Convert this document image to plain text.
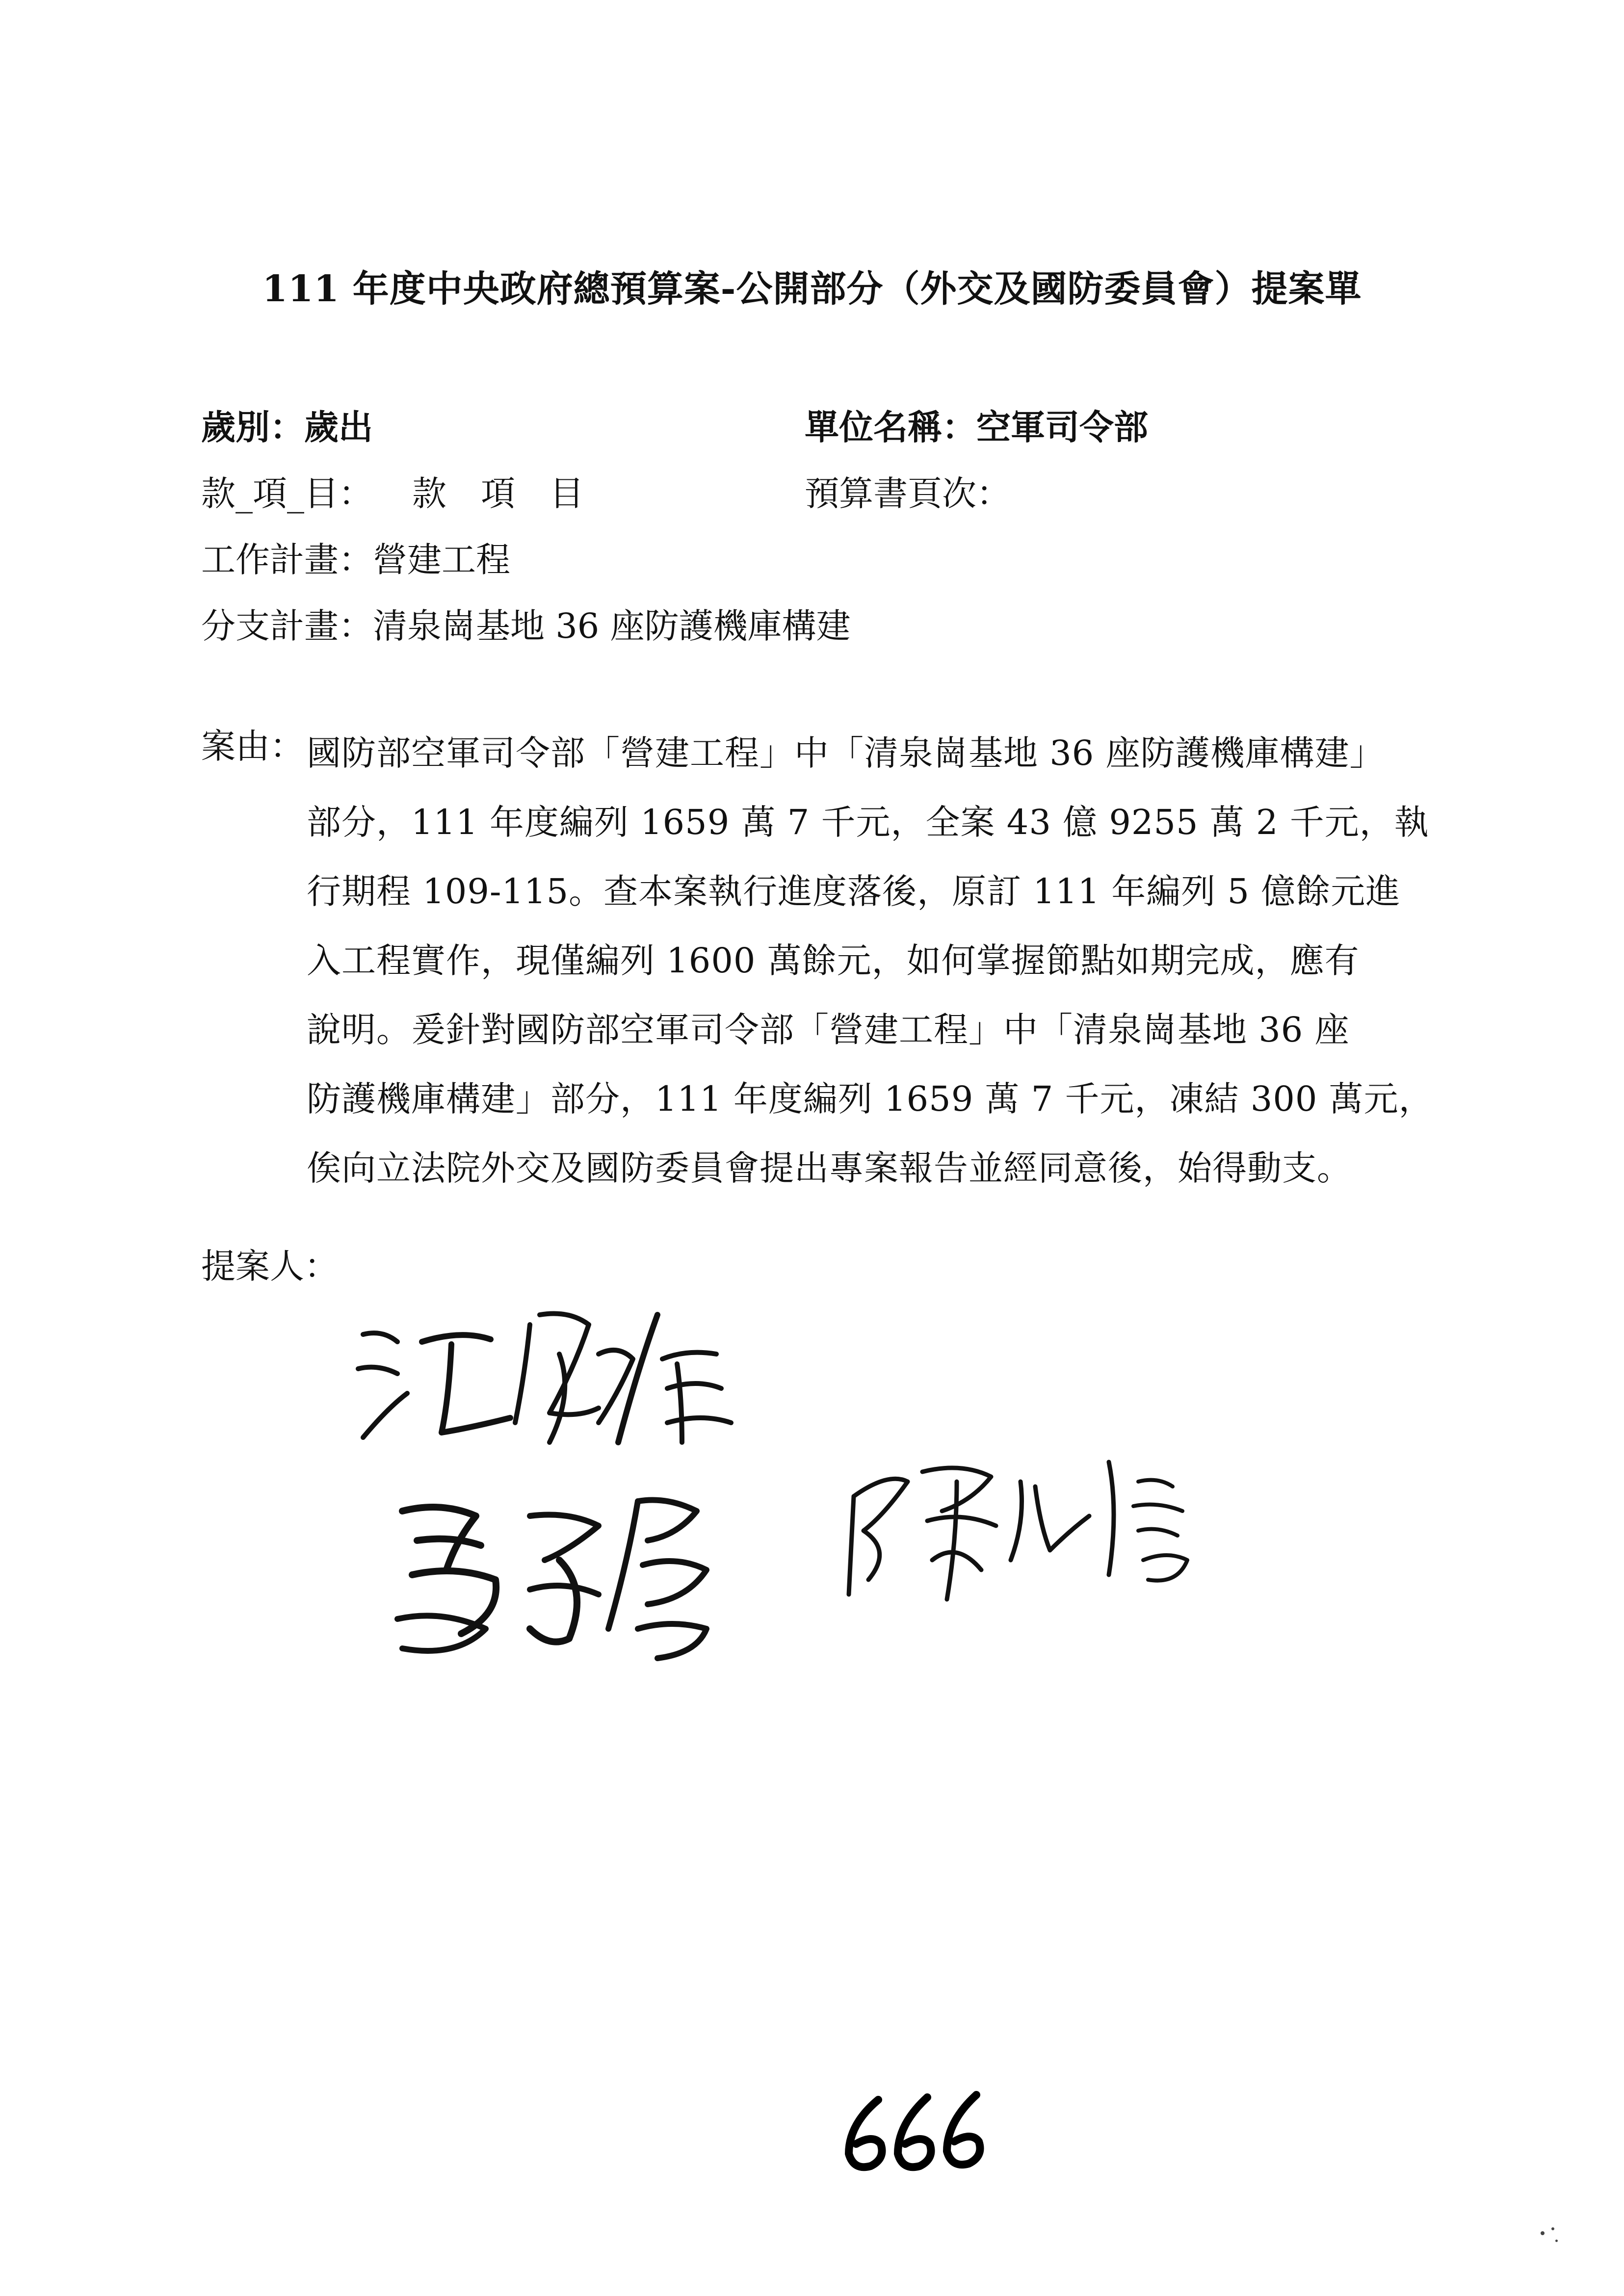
111 年度中央政府總預算案-公開部分（外交及國防委員會）提案單
歲別：歲出	單位名稱：空軍司令部
款_項_目： 款　項　目	預算書頁次：
工作計畫：營建工程
分支計畫：清泉崗基地 36 座防護機庫構建
案由： 國防部空軍司令部「營建工程」中「清泉崗基地 36 座防護機庫構建」
部分，111 年度編列 1659 萬 7 千元，全案 43 億 9255 萬 2 千元，執
行期程 109-115。查本案執行進度落後，原訂 111 年編列 5 億餘元進
入工程實作，現僅編列 1600 萬餘元，如何掌握節點如期完成，應有
說明。爰針對國防部空軍司令部「營建工程」中「清泉崗基地 36 座
防護機庫構建」部分，111 年度編列 1659 萬 7 千元，凍結 300 萬元，
俟向立法院外交及國防委員會提出專案報告並經同意後，始得動支。
提案人：
